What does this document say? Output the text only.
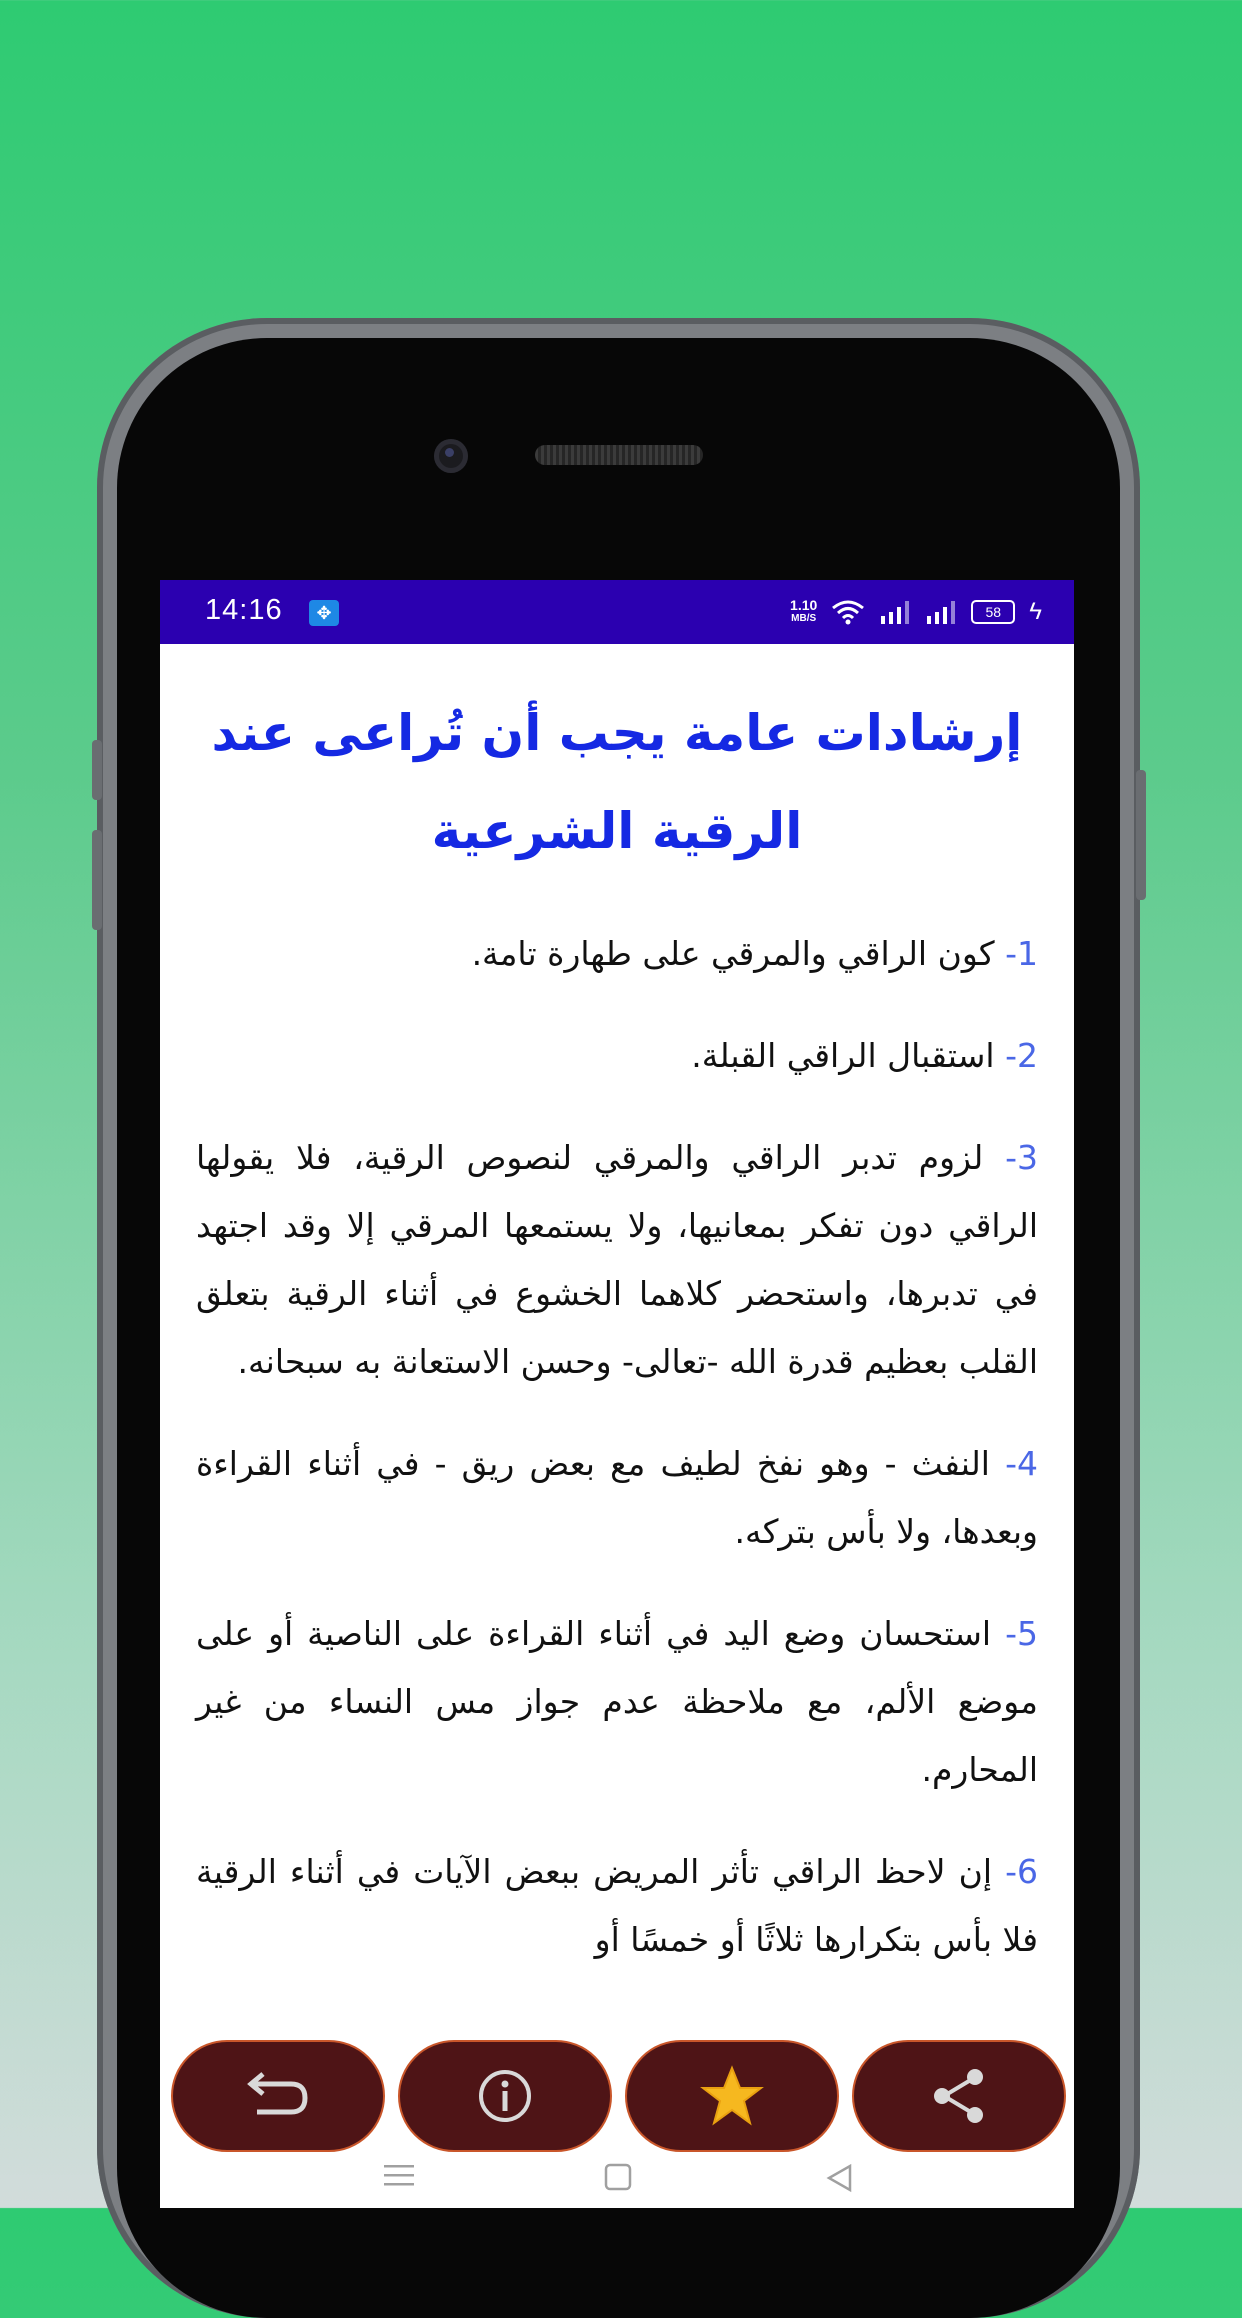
14:16	✥	1.10
MB/S	58	ϟ
إرشادات عامة يجب أن تُراعى عند الرقية الشرعية
1- كون الراقي والمرقي على طهارة تامة.
2- استقبال الراقي القبلة.
3- لزوم تدبر الراقي والمرقي لنصوص الرقية، فلا يقولها الراقي دون تفكر بمعانيها، ولا يستمعها المرقي إلا وقد اجتهد في تدبرها، واستحضر كلاهما الخشوع في أثناء الرقية بتعلق القلب بعظيم قدرة الله -تعالى- وحسن الاستعانة به سبحانه.
4- النفث - وهو نفخ لطيف مع بعض ريق - في أثناء القراءة وبعدها، ولا بأس بتركه.
5- استحسان وضع اليد في أثناء القراءة على الناصية أو على موضع الألم، مع ملاحظة عدم جواز مس النساء من غير المحارم.
6- إن لاحظ الراقي تأثر المريض ببعض الآيات في أثناء الرقية فلا بأس بتكرارها ثلاثًا أو خمسًا أو
